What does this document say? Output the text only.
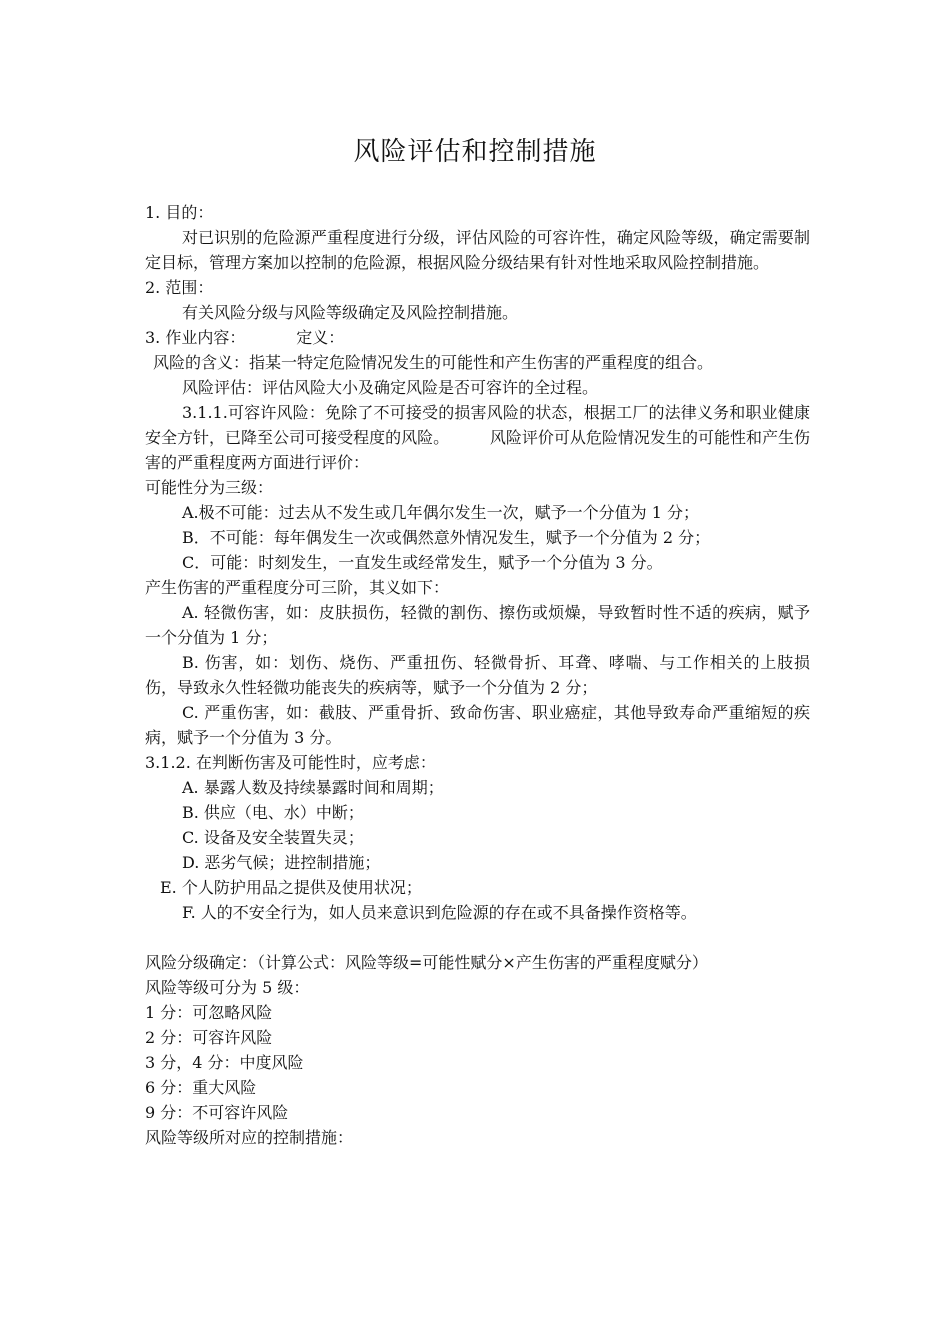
风险评估和控制措施

1. 目的：

对已识别的危险源严重程度进行分级，评估风险的可容许性，确定风险等级，确定需要制定目标，管理方案加以控制的危险源，根据风险分级结果有针对性地采取风险控制措施。

2. 范围：

有关风险分级与风险等级确定及风险控制措施。

3. 作业内容：          定义：

风险的含义：指某一特定危险情况发生的可能性和产生伤害的严重程度的组合。

风险评估：评估风险大小及确定风险是否可容许的全过程。

3.1.1.可容许风险：免除了不可接受的损害风险的状态，根据工厂的法律义务和职业健康安全方针，已降至公司可接受程度的风险。        风险评价可从危险情况发生的可能性和产生伤害的严重程度两方面进行评价：

可能性分为三级：

A.极不可能：过去从不发生或几年偶尔发生一次，赋予一个分值为 1 分；

B．不可能：每年偶发生一次或偶然意外情况发生，赋予一个分值为 2 分；

C．可能：时刻发生，一直发生或经常发生，赋予一个分值为 3 分。

产生伤害的严重程度分可三阶，其义如下：

A. 轻微伤害，如：皮肤损伤，轻微的割伤、擦伤或烦燥，导致暂时性不适的疾病，赋予一个分值为 1 分；

B. 伤害，如：划伤、烧伤、严重扭伤、轻微骨折、耳聋、哮喘、与工作相关的上肢损伤，导致永久性轻微功能丧失的疾病等，赋予一个分值为 2 分；

C. 严重伤害，如：截肢、严重骨折、致命伤害、职业癌症，其他导致寿命严重缩短的疾病，赋予一个分值为 3 分。

3.1.2. 在判断伤害及可能性时，应考虑：

A. 暴露人数及持续暴露时间和周期；

B. 供应（电、水）中断；

C. 设备及安全装置失灵；

D. 恶劣气候；进控制措施；

E. 个人防护用品之提供及使用状况；

F. 人的不安全行为，如人员来意识到危险源的存在或不具备操作资格等。

风险分级确定：（计算公式：风险等级=可能性赋分×产生伤害的严重程度赋分）

风险等级可分为 5 级：

1 分：可忽略风险

2 分：可容许风险

3 分，4 分：中度风险

6 分：重大风险

9 分：不可容许风险

风险等级所对应的控制措施：
